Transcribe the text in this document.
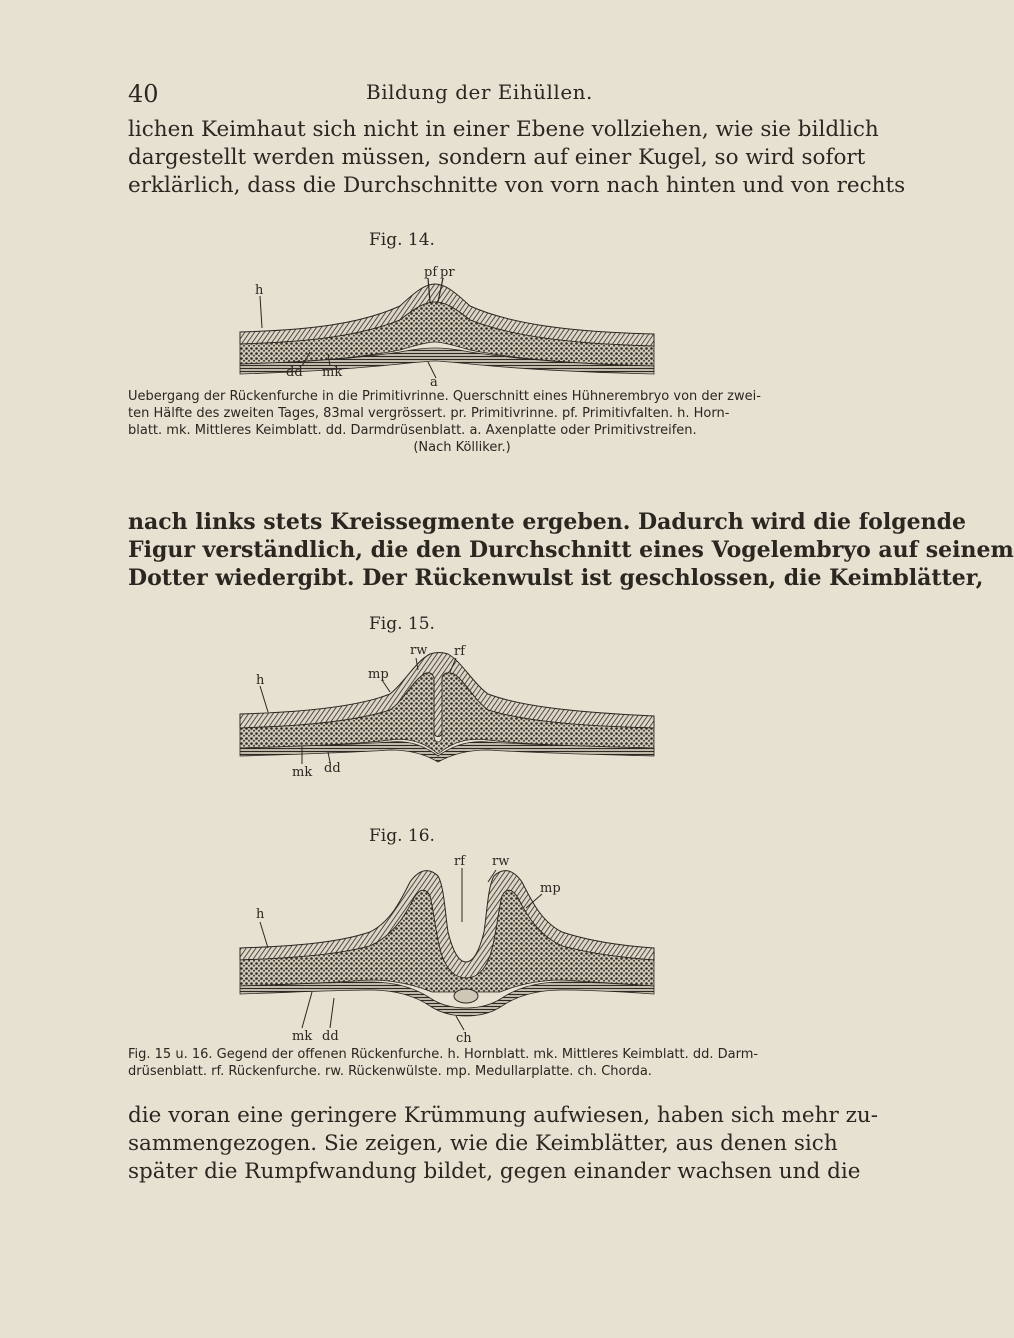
40	Bildung der Eihüllen.

lichen Keimhaut sich nicht in einer Ebene vollziehen, wie sie bildlich
dargestellt werden müssen, sondern auf einer Kugel, so wird sofort
erklärlich, dass die Durchschnitte von vorn nach hinten und von rechts

Fig. 14.
pf pr
h
dd mk
a

Uebergang der Rückenfurche in die Primitivrinne. Querschnitt eines Hühnerembryo von der zwei-
ten Hälfte des zweiten Tages, 83mal vergrössert. pr. Primitivrinne. pf. Primitivfalten. h. Horn-
blatt. mk. Mittleres Keimblatt. dd. Darmdrüsenblatt. a. Axenplatte oder Primitivstreifen.
(Nach Kölliker.)

nach links stets Kreissegmente ergeben. Dadurch wird die folgende
Figur verständlich, die den Durchschnitt eines Vogelembryo auf seinem
Dotter wiedergibt. Der Rückenwulst ist geschlossen, die Keimblätter,

Fig. 15.
rw rf
mp
h
mk dd
Fig. 16.
rf rw
mp
h
mk dd	ch

Fig. 15 u. 16. Gegend der offenen Rückenfurche. h. Hornblatt. mk. Mittleres Keimblatt. dd. Darm-
drüsenblatt. rf. Rückenfurche. rw. Rückenwülste. mp. Medullarplatte. ch. Chorda.

die voran eine geringere Krümmung aufwiesen, haben sich mehr zu-
sammengezogen. Sie zeigen, wie die Keimblätter, aus denen sich
später die Rumpfwandung bildet, gegen einander wachsen und die
